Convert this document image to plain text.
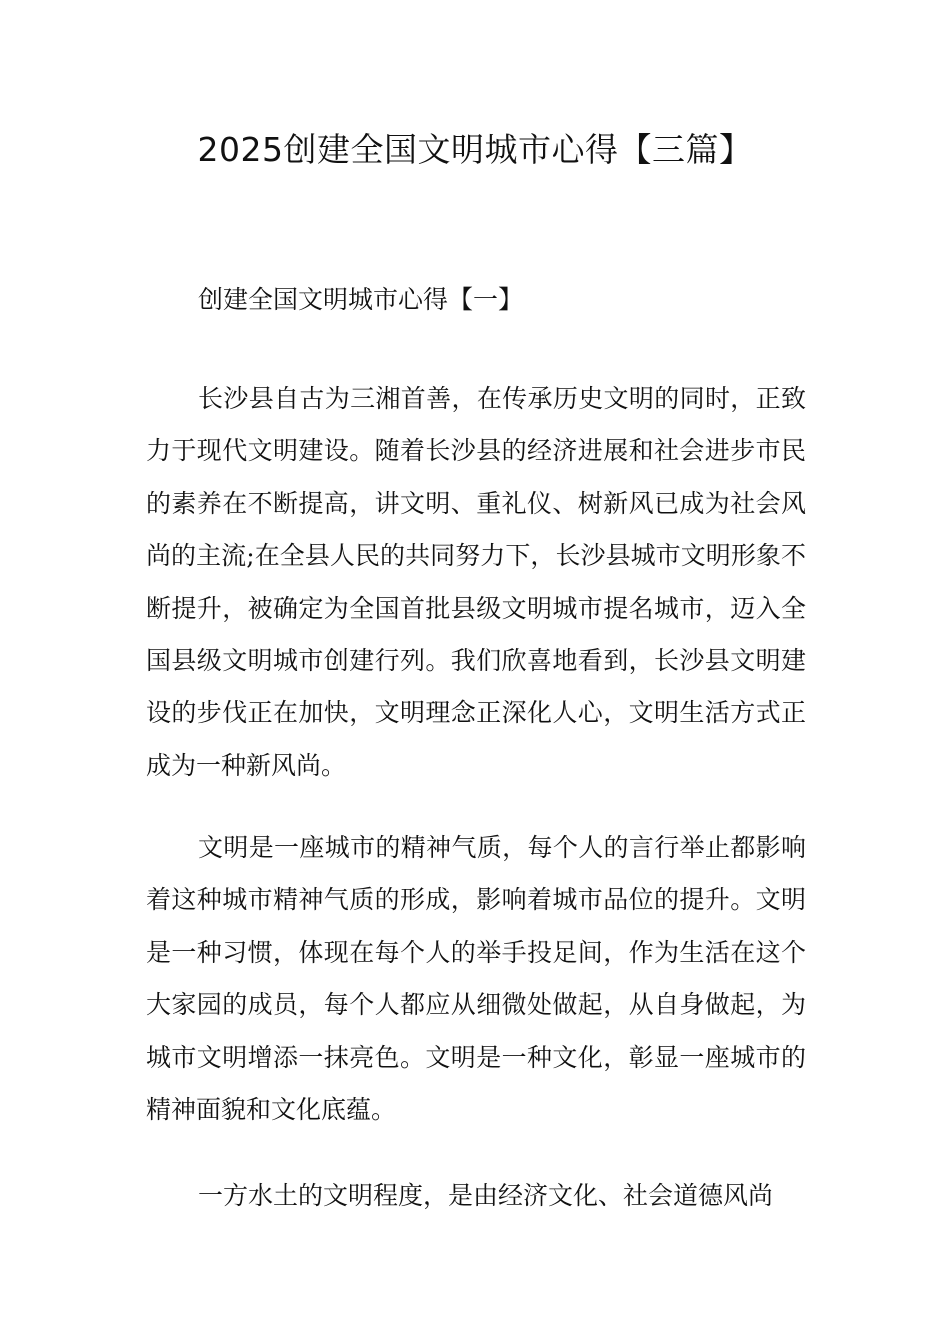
2025创建全国文明城市心得【三篇】
创建全国文明城市心得【一】

长沙县自古为三湘首善，在传承历史文明的同时，正致力于现代文明建设。随着长沙县的经济进展和社会进步市民的素养在不断提高，讲文明、重礼仪、树新风已成为社会风尚的主流;在全县人民的共同努力下，长沙县城市文明形象不断提升，被确定为全国首批县级文明城市提名城市，迈入全国县级文明城市创建行列。我们欣喜地看到，长沙县文明建设的步伐正在加快，文明理念正深化人心，文明生活方式正成为一种新风尚。

文明是一座城市的精神气质，每个人的言行举止都影响着这种城市精神气质的形成，影响着城市品位的提升。文明是一种习惯，体现在每个人的举手投足间，作为生活在这个大家园的成员，每个人都应从细微处做起，从自身做起，为城市文明增添一抹亮色。文明是一种文化，彰显一座城市的精神面貌和文化底蕴。

一方水土的文明程度，是由经济文化、社会道德风尚
